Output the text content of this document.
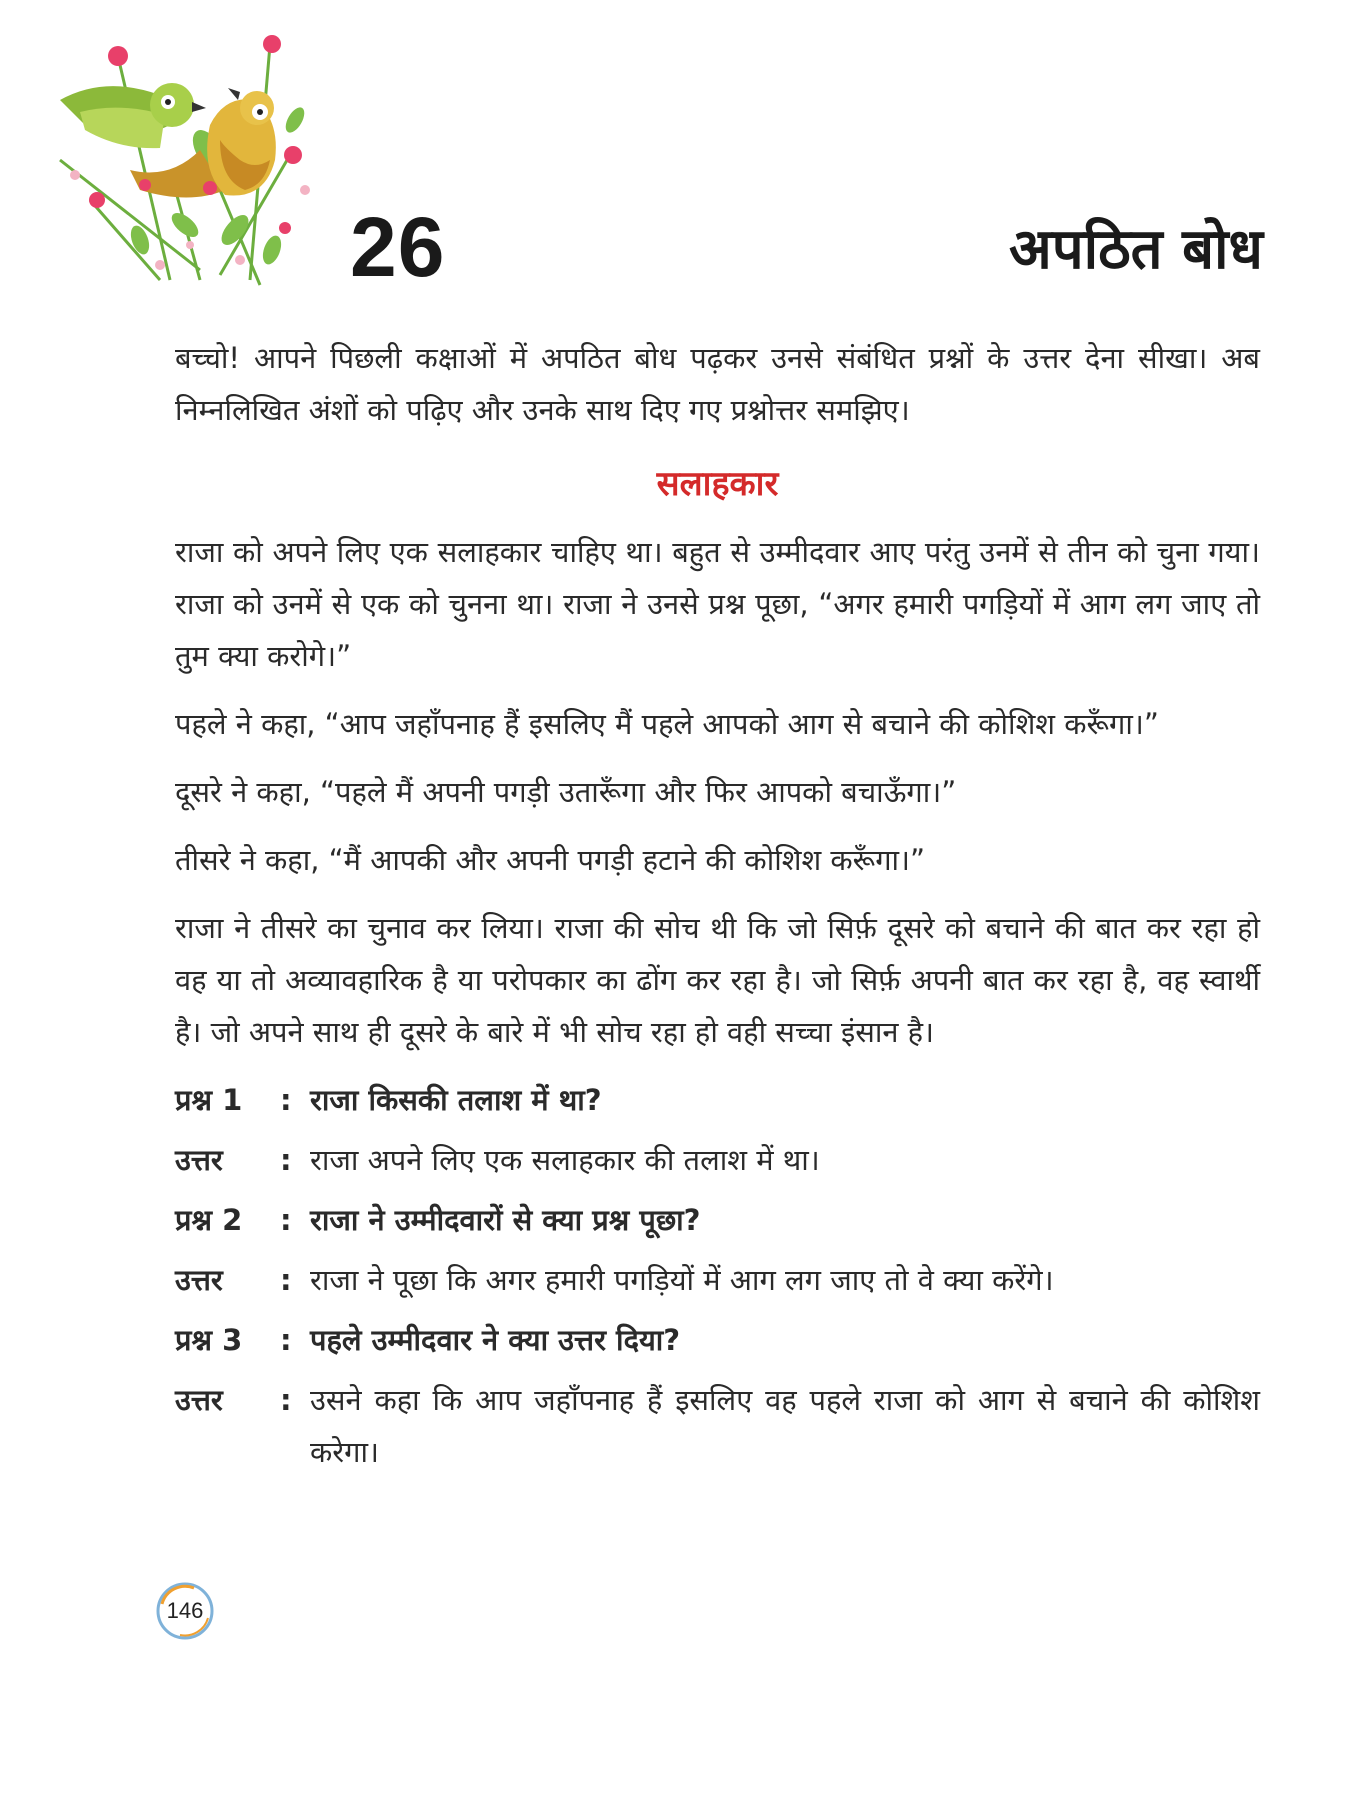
26	अपठित बोध

बच्चो! आपने पिछली कक्षाओं में अपठित बोध पढ़कर उनसे संबंधित प्रश्नों के उत्तर देना सीखा। अब निम्नलिखित अंशों को पढ़िए और उनके साथ दिए गए प्रश्नोत्तर समझिए।

सलाहकार

राजा को अपने लिए एक सलाहकार चाहिए था। बहुत से उम्मीदवार आए परंतु उनमें से तीन को चुना गया। राजा को उनमें से एक को चुनना था। राजा ने उनसे प्रश्न पूछा, “अगर हमारी पगड़ियों में आग लग जाए तो तुम क्या करोगे।”

पहले ने कहा, “आप जहाँपनाह हैं इसलिए मैं पहले आपको आग से बचाने की कोशिश करूँगा।”

दूसरे ने कहा, “पहले मैं अपनी पगड़ी उतारूँगा और फिर आपको बचाऊँगा।”

तीसरे ने कहा, “मैं आपकी और अपनी पगड़ी हटाने की कोशिश करूँगा।”

राजा ने तीसरे का चुनाव कर लिया। राजा की सोच थी कि जो सिर्फ़ दूसरे को बचाने की बात कर रहा हो वह या तो अव्यावहारिक है या परोपकार का ढोंग कर रहा है। जो सिर्फ़ अपनी बात कर रहा है, वह स्वार्थी है। जो अपने साथ ही दूसरे के बारे में भी सोच रहा हो वही सच्चा इंसान है।

प्रश्न 1	: राजा किसकी तलाश में था?
उत्तर	: राजा अपने लिए एक सलाहकार की तलाश में था।
प्रश्न 2	: राजा ने उम्मीदवारों से क्या प्रश्न पूछा?
उत्तर	: राजा ने पूछा कि अगर हमारी पगड़ियों में आग लग जाए तो वे क्या करेंगे।
प्रश्न 3	: पहले उम्मीदवार ने क्या उत्तर दिया?
उत्तर	: उसने कहा कि आप जहाँपनाह हैं इसलिए वह पहले राजा को आग से बचाने की कोशिश करेगा।
146
